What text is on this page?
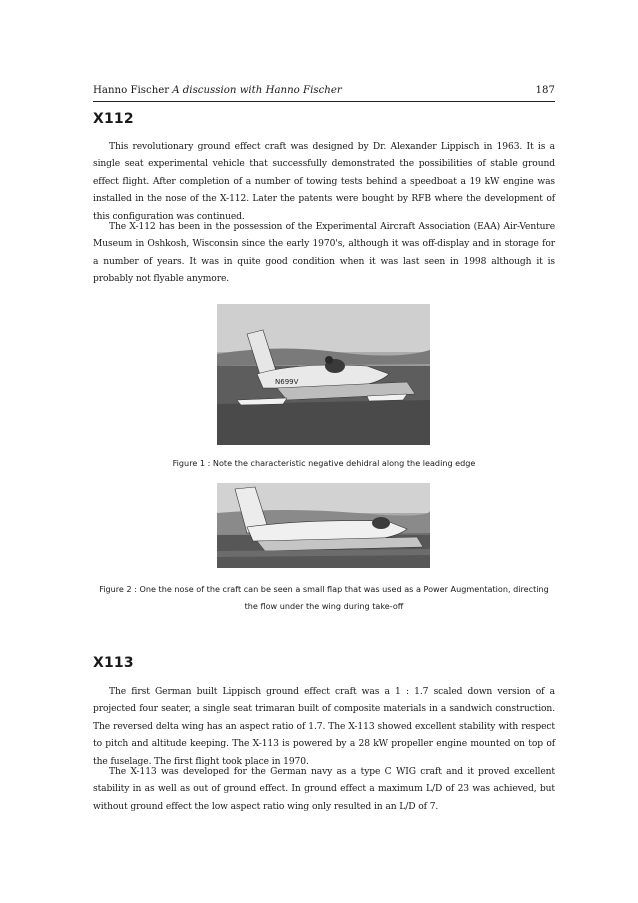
Hanno Fischer A discussion with Hanno Fischer	187
X112

This revolutionary ground effect craft was designed by Dr. Alexander Lippisch in 1963. It is a single seat experimental vehicle that successfully demonstrated the possibilities of stable ground effect flight. After completion of a number of towing tests behind a speedboat a 19 kW engine was installed in the nose of the X-112. Later the patents were bought by RFB where the development of this configuration was continued.

The X-112 has been in the possession of the Experimental Aircraft Association (EAA) Air-Venture Museum in Oshkosh, Wisconsin since the early 1970's, although it was off-display and in storage for a number of years. It was in quite good condition when it was last seen in 1998 although it is probably not flyable anymore.

N699V

Figure 1 : Note the characteristic negative dehidral along the leading edge

Figure 2 : One the nose of the craft can be seen a small flap that was used as a Power Augmentation, directing the flow under the wing during take-off

X113

The first German built Lippisch ground effect craft was a 1 : 1.7 scaled down version of a projected four seater, a single seat trimaran built of composite materials in a sandwich construction. The reversed delta wing has an aspect ratio of 1.7. The X-113 showed excellent stability with respect to pitch and altitude keeping. The X-113 is powered by a 28 kW propeller engine mounted on top of the fuselage. The first flight took place in 1970.

The X-113 was developed for the German navy as a type C WIG craft and it proved excellent stability in as well as out of ground effect. In ground effect a maximum L/D of 23 was achieved, but without ground effect the low aspect ratio wing only resulted in an L/D of 7.
